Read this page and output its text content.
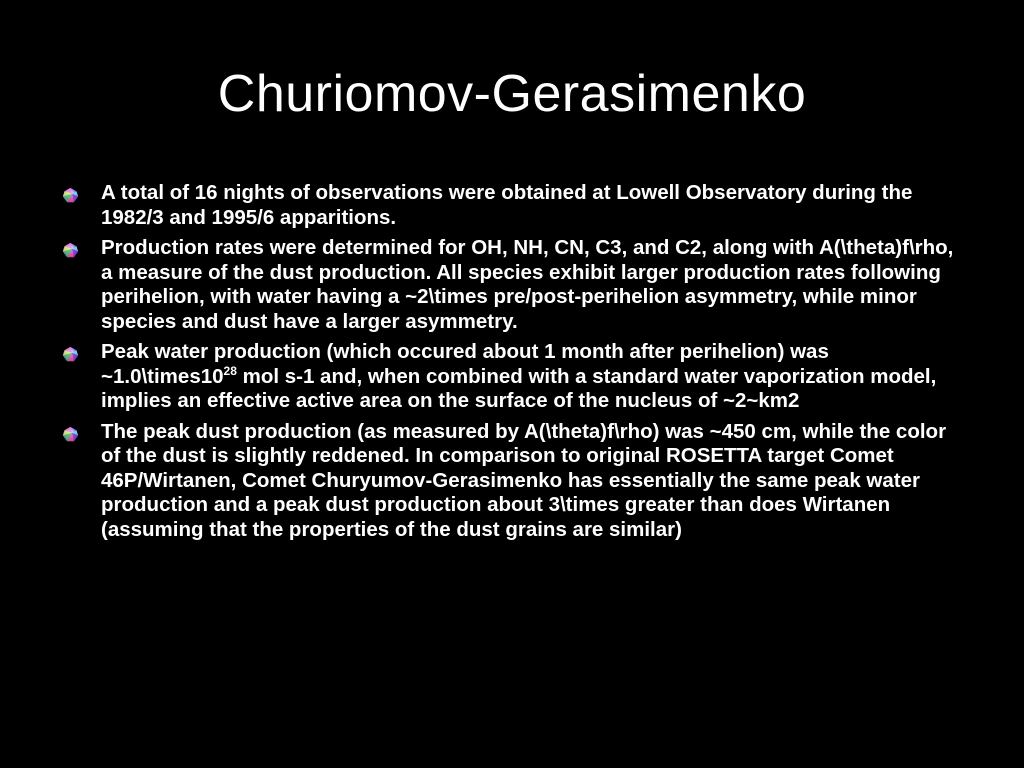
Churiomov-Gerasimenko
A total of 16 nights of observations were obtained at Lowell Observatory during the 1982/3 and 1995/6 apparitions.
Production rates were determined for OH, NH, CN, C3, and C2, along with A(\theta)f\rho, a measure of the dust production. All species exhibit larger production rates following perihelion, with water having a ~2\times pre/post-perihelion asymmetry, while minor species and dust have a larger asymmetry.
Peak water production (which occured about 1 month after perihelion) was $\sim 1.0\backslash times10^{28}$ mol s-1 and, when combined with a standard water vaporization model, implies an effective active area on the surface of the nucleus of ~2~km2
The peak dust production (as measured by A(\theta)f\rho) was ~450 cm, while the color of the dust is slightly reddened. In comparison to original ROSETTA target Comet 46P/Wirtanen, Comet Churyumov-Gerasimenko has essentially the same peak water production and a peak dust production about 3\times greater than does Wirtanen (assuming that the properties of the dust grains are similar)
